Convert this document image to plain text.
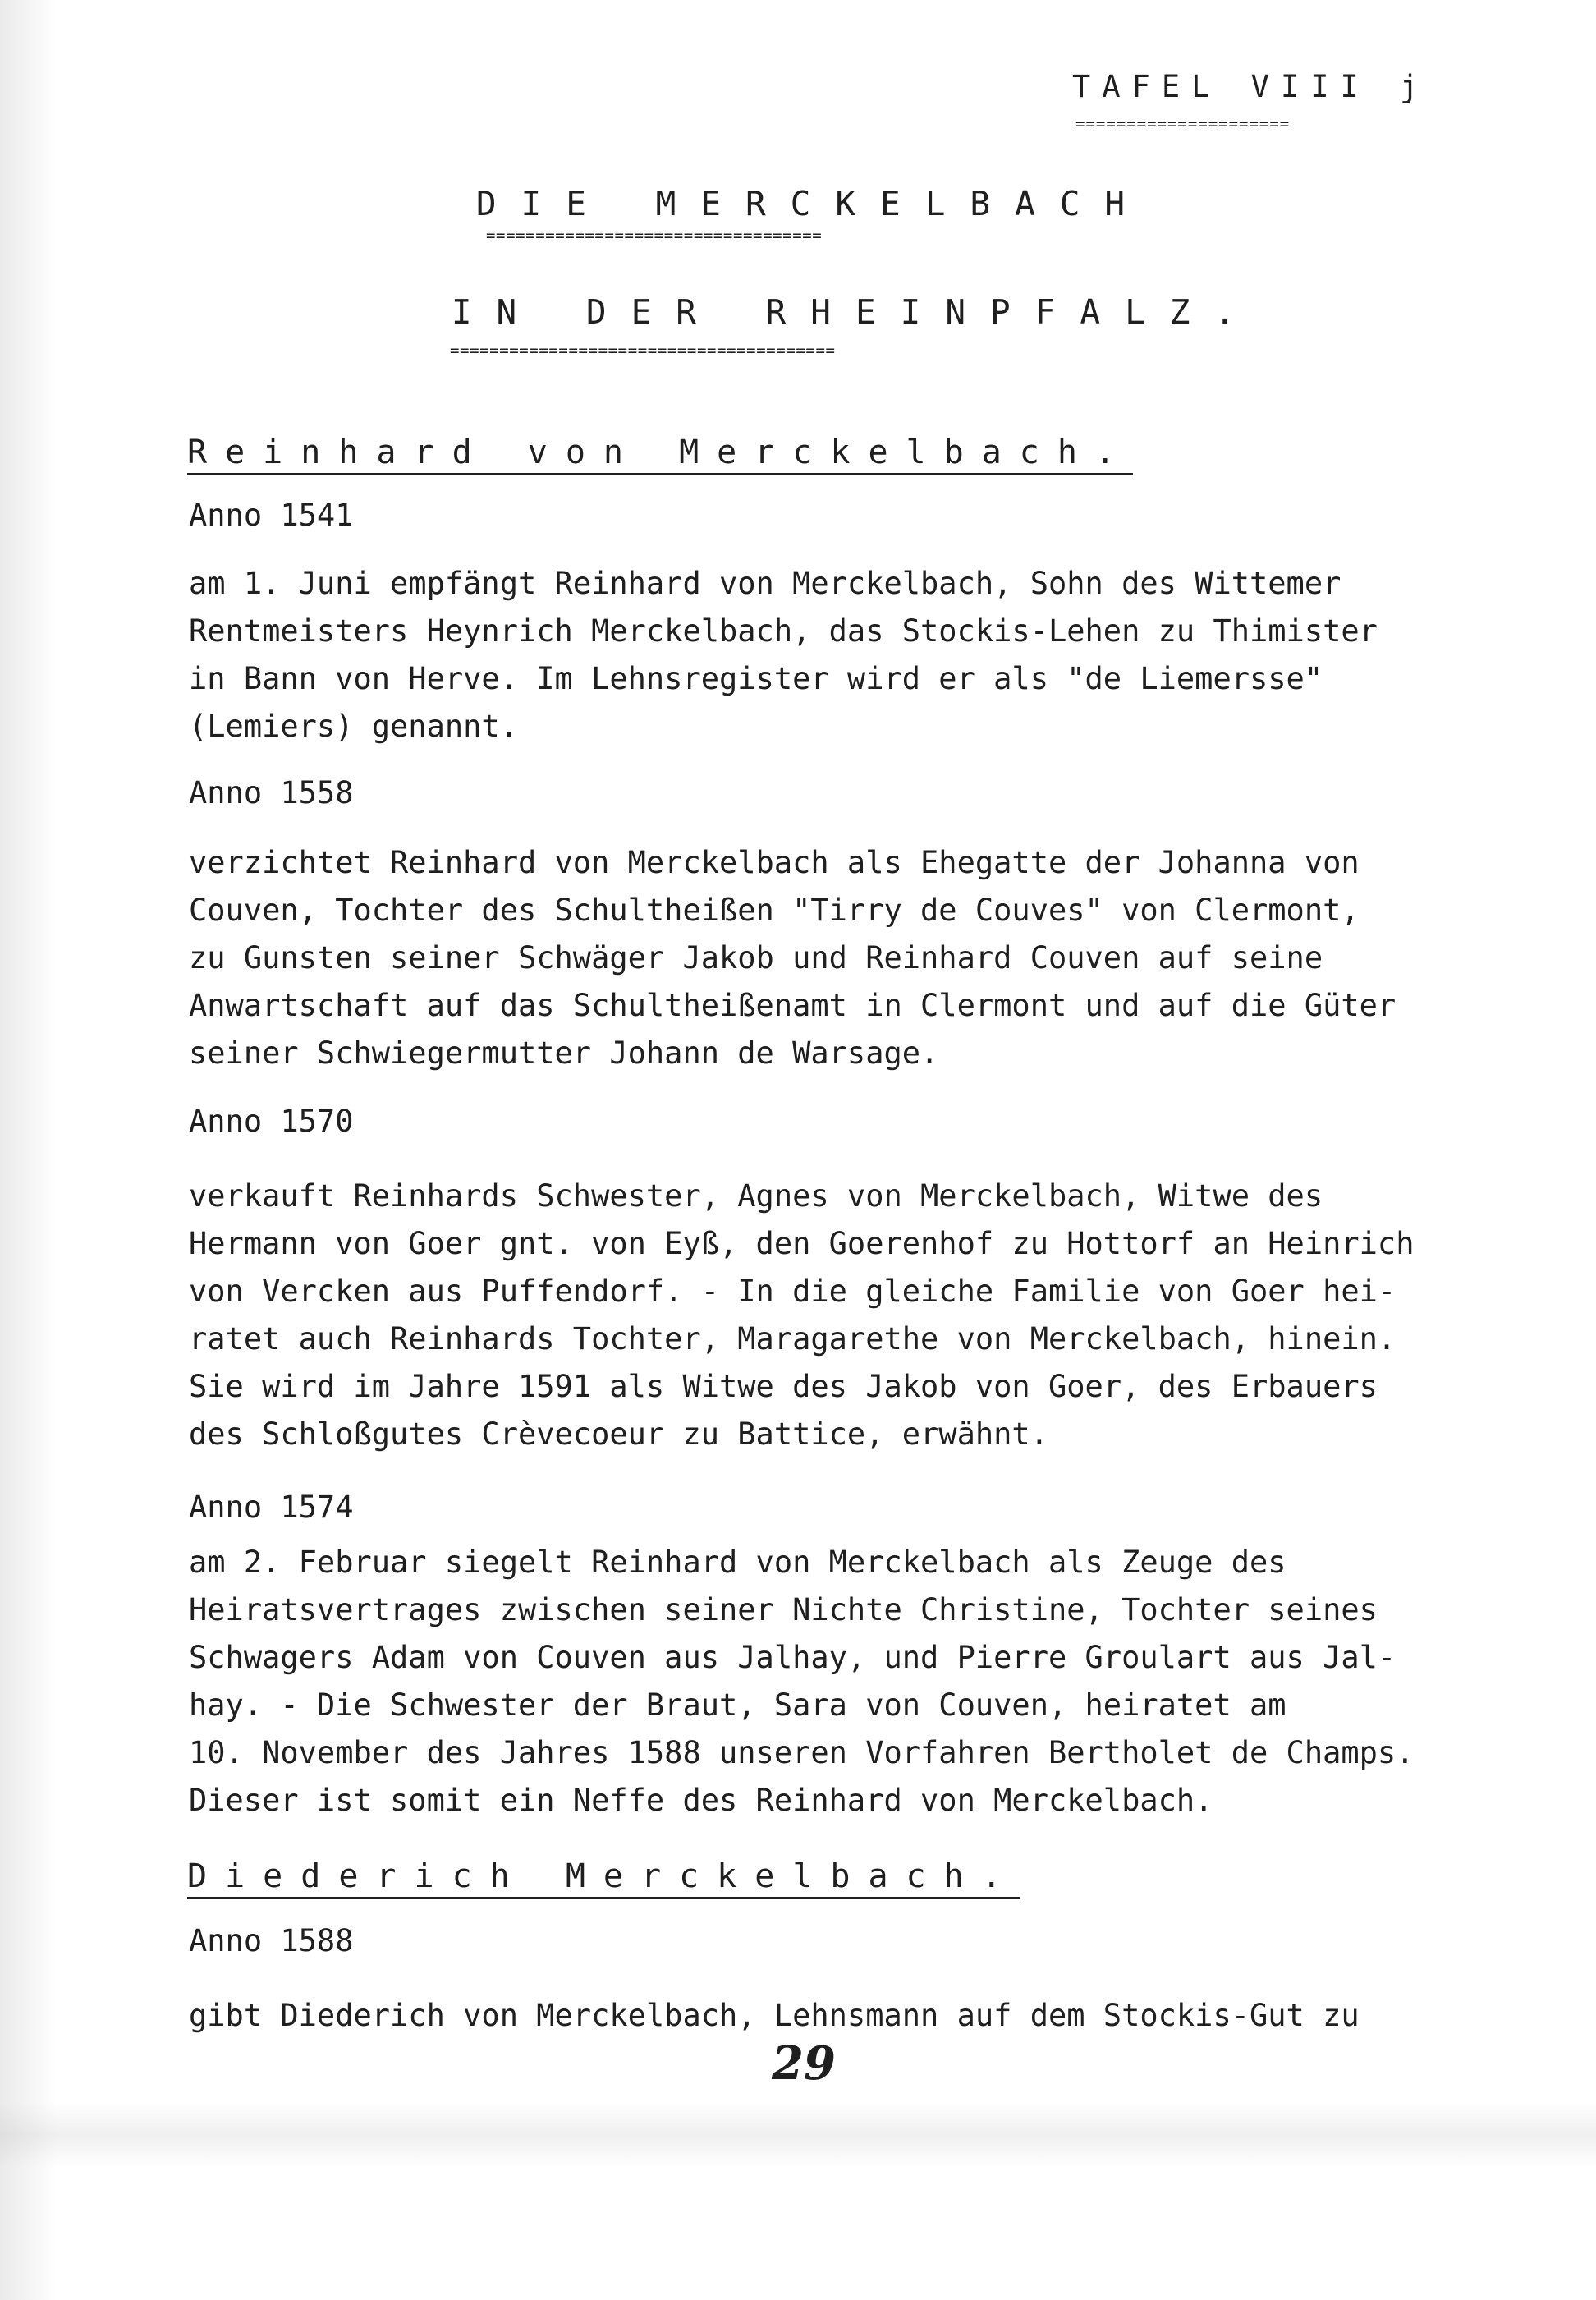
TAFEL VIII j
=====================
DIE MERCKELBACH
==================================
IN DER RHEINPFALZ.
=======================================
Reinhard von Merckelbach.
Anno 1541

am 1. Juni empfängt Reinhard von Merckelbach, Sohn des Wittemer

Rentmeisters Heynrich Merckelbach, das Stockis-Lehen zu Thimister

in Bann von Herve. Im Lehnsregister wird er als "de Liemersse"

(Lemiers) genannt.

Anno 1558

verzichtet Reinhard von Merckelbach als Ehegatte der Johanna von

Couven, Tochter des Schultheißen "Tirry de Couves" von Clermont,

zu Gunsten seiner Schwäger Jakob und Reinhard Couven auf seine

Anwartschaft auf das Schultheißenamt in Clermont und auf die Güter

seiner Schwiegermutter Johann de Warsage.

Anno 1570

verkauft Reinhards Schwester, Agnes von Merckelbach, Witwe des

Hermann von Goer gnt. von Eyß, den Goerenhof zu Hottorf an Heinrich

von Vercken aus Puffendorf. - In die gleiche Familie von Goer hei-

ratet auch Reinhards Tochter, Maragarethe von Merckelbach, hinein.

Sie wird im Jahre 1591 als Witwe des Jakob von Goer, des Erbauers

des Schloßgutes Crèvecoeur zu Battice, erwähnt.

Anno 1574

am 2. Februar siegelt Reinhard von Merckelbach als Zeuge des

Heiratsvertrages zwischen seiner Nichte Christine, Tochter seines

Schwagers Adam von Couven aus Jalhay, und Pierre Groulart aus Jal-

hay. - Die Schwester der Braut, Sara von Couven, heiratet am

10. November des Jahres 1588 unseren Vorfahren Bertholet de Champs.

Dieser ist somit ein Neffe des Reinhard von Merckelbach.

Diederich Merckelbach.
Anno 1588

gibt Diederich von Merckelbach, Lehnsmann auf dem Stockis-Gut zu

29
